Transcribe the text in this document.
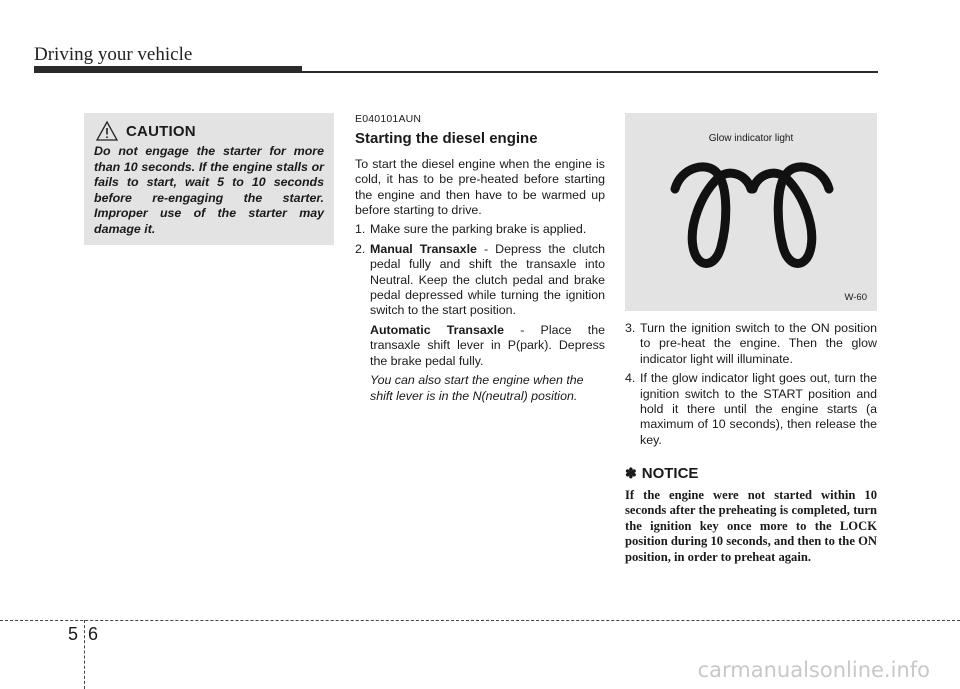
Driving your vehicle
CAUTION
Do not engage the starter for more than 10 seconds. If the engine stalls or fails to start, wait 5 to 10 seconds before re-engaging the starter. Improper use of the starter may damage it.
E040101AUN
Starting the diesel engine
To start the diesel engine when the engine is cold, it has to be pre-heated before starting the engine and then have to be warmed up before starting to drive.
1. Make sure the parking brake is applied.
2. Manual Transaxle - Depress the clutch pedal fully and shift the transaxle into Neutral. Keep the clutch pedal and brake pedal depressed while turning the ignition switch to the start position.
Automatic Transaxle - Place the transaxle shift lever in P(park). Depress the brake pedal fully.
You can also start the engine when the shift lever is in the N(neutral) position.
Glow indicator light
W-60
3. Turn the ignition switch to the ON position to pre-heat the engine. Then the glow indicator light will illuminate.
4. If the glow indicator light goes out, turn the ignition switch to the START position and hold it there until the engine starts (a maximum of 10 seconds), then release the key.
✽ NOTICE
If the engine were not started within 10 seconds after the preheating is completed, turn the ignition key once more to the LOCK position during 10 seconds, and then to the ON position, in order to preheat again.
5 6
carmanualsonline.info
